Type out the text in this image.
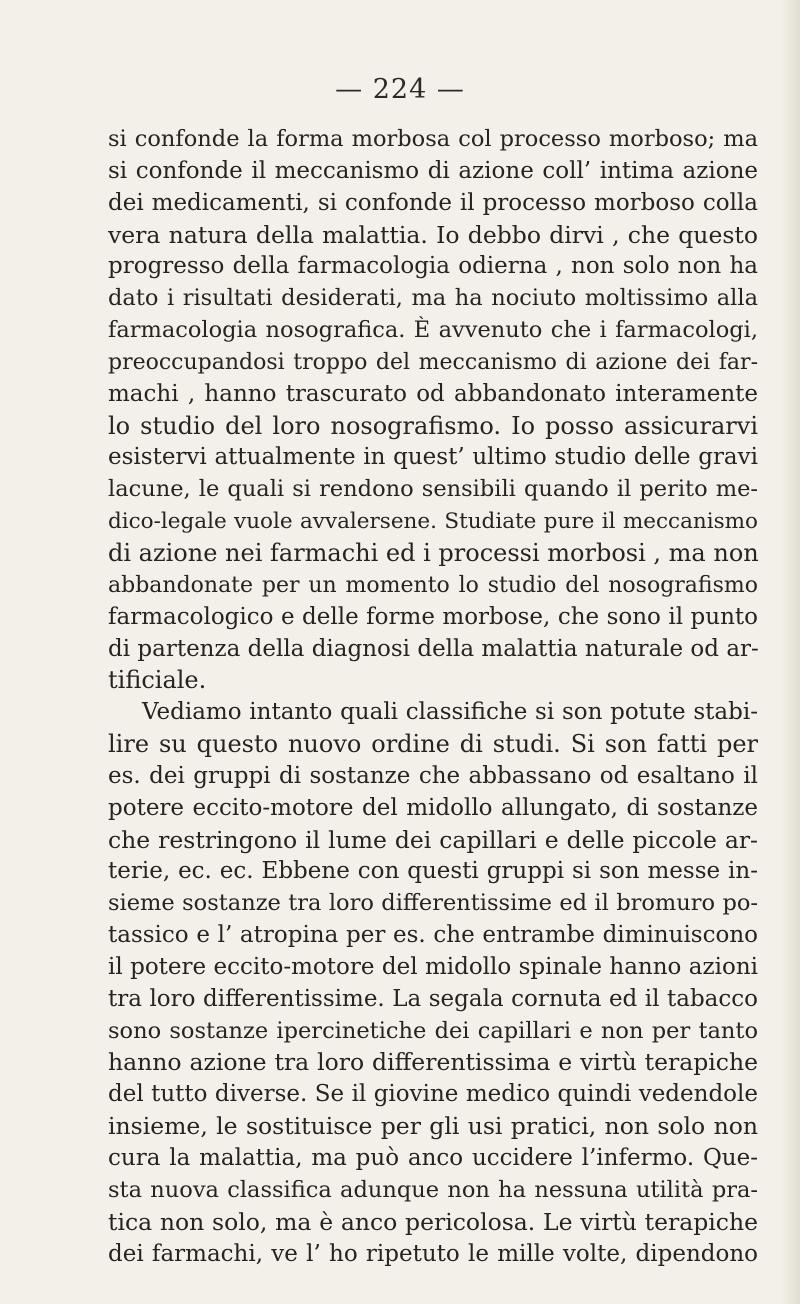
— 224 —
si confonde la forma morbosa col processo morboso; ma
si confonde il meccanismo di azione coll’ intima azione
dei medicamenti, si confonde il processo morboso colla
vera natura della malattia. Io debbo dirvi , che questo
progresso della farmacologia odierna , non solo non ha
dato i risultati desiderati, ma ha nociuto moltissimo alla
farmacologia nosografica. È avvenuto che i farmacologi,
preoccupandosi troppo del meccanismo di azione dei far-
machi , hanno trascurato od abbandonato interamente
lo studio del loro nosografismo. Io posso assicurarvi
esistervi attualmente in quest’ ultimo studio delle gravi
lacune, le quali si rendono sensibili quando il perito me-
dico-legale vuole avvalersene. Studiate pure il meccanismo
di azione nei farmachi ed i processi morbosi , ma non
abbandonate per un momento lo studio del nosografismo
farmacologico e delle forme morbose, che sono il punto
di partenza della diagnosi della malattia naturale od ar-
tificiale.
Vediamo intanto quali classifiche si son potute stabi-
lire su questo nuovo ordine di studi. Si son fatti per
es. dei gruppi di sostanze che abbassano od esaltano il
potere eccito-motore del midollo allungato, di sostanze
che restringono il lume dei capillari e delle piccole ar-
terie, ec. ec. Ebbene con questi gruppi si son messe in-
sieme sostanze tra loro differentissime ed il bromuro po-
tassico e l’ atropina per es. che entrambe diminuiscono
il potere eccito-motore del midollo spinale hanno azioni
tra loro differentissime. La segala cornuta ed il tabacco
sono sostanze ipercinetiche dei capillari e non per tanto
hanno azione tra loro differentissima e virtù terapiche
del tutto diverse. Se il giovine medico quindi vedendole
insieme, le sostituisce per gli usi pratici, non solo non
cura la malattia, ma può anco uccidere l’infermo. Que-
sta nuova classifica adunque non ha nessuna utilità pra-
tica non solo, ma è anco pericolosa. Le virtù terapiche
dei farmachi, ve l’ ho ripetuto le mille volte, dipendono
